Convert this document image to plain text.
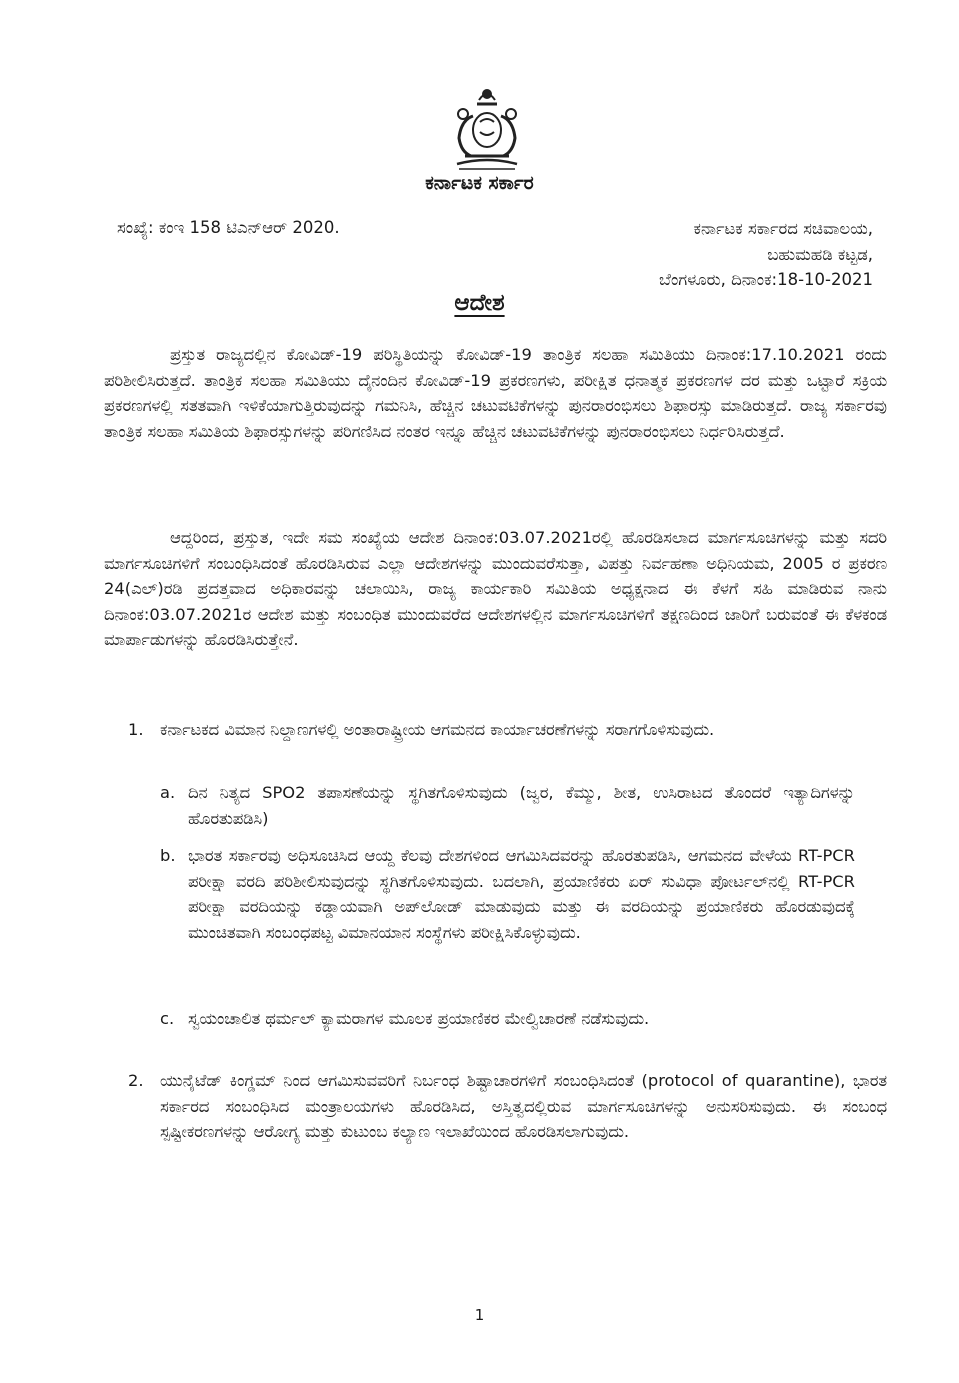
ಕರ್ನಾಟಕ ಸರ್ಕಾರ
ಸಂಖ್ಯೆ: ಕಂಇ 158 ಟಿಎನ್ಆರ್ 2020.	ಕರ್ನಾಟಕ ಸರ್ಕಾರದ ಸಚಿವಾಲಯ,
ಬಹುಮಹಡಿ ಕಟ್ಟಡ,
ಬೆಂಗಳೂರು, ದಿನಾಂಕ:18-10-2021
ಆದೇಶ

ಪ್ರಸ್ತುತ ರಾಜ್ಯದಲ್ಲಿನ ಕೋವಿಡ್-19 ಪರಿಸ್ಥಿತಿಯನ್ನು ಕೋವಿಡ್-19 ತಾಂತ್ರಿಕ ಸಲಹಾ ಸಮಿತಿಯು ದಿನಾಂಕ:17.10.2021 ರಂದು ಪರಿಶೀಲಿಸಿರುತ್ತದೆ. ತಾಂತ್ರಿಕ ಸಲಹಾ ಸಮಿತಿಯು ದೈನಂದಿನ ಕೋವಿಡ್-19 ಪ್ರಕರಣಗಳು, ಪರೀಕ್ಷಿತ ಧನಾತ್ಮಕ ಪ್ರಕರಣಗಳ ದರ ಮತ್ತು ಒಟ್ಟಾರೆ ಸಕ್ರಿಯ ಪ್ರಕರಣಗಳಲ್ಲಿ ಸತತವಾಗಿ ಇಳಿಕೆಯಾಗುತ್ತಿರುವುದನ್ನು ಗಮನಿಸಿ, ಹೆಚ್ಚಿನ ಚಟುವಟಿಕೆಗಳನ್ನು ಪುನರಾರಂಭಿಸಲು ಶಿಫಾರಸ್ಸು ಮಾಡಿರುತ್ತದೆ. ರಾಜ್ಯ ಸರ್ಕಾರವು ತಾಂತ್ರಿಕ ಸಲಹಾ ಸಮಿತಿಯ ಶಿಫಾರಸ್ಸುಗಳನ್ನು ಪರಿಗಣಿಸಿದ ನಂತರ ಇನ್ನೂ ಹೆಚ್ಚಿನ ಚಟುವಟಿಕೆಗಳನ್ನು ಪುನರಾರಂಭಿಸಲು ನಿರ್ಧರಿಸಿರುತ್ತದೆ.

ಆದ್ದರಿಂದ, ಪ್ರಸ್ತುತ, ಇದೇ ಸಮ ಸಂಖ್ಯೆಯ ಆದೇಶ ದಿನಾಂಕ:03.07.2021ರಲ್ಲಿ ಹೊರಡಿಸಲಾದ ಮಾರ್ಗಸೂಚಿಗಳನ್ನು ಮತ್ತು ಸದರಿ ಮಾರ್ಗಸೂಚಿಗಳಿಗೆ ಸಂಬಂಧಿಸಿದಂತೆ ಹೊರಡಿಸಿರುವ ಎಲ್ಲಾ ಆದೇಶಗಳನ್ನು ಮುಂದುವರೆಸುತ್ತಾ, ವಿಪತ್ತು ನಿರ್ವಹಣಾ ಅಧಿನಿಯಮ, 2005 ರ ಪ್ರಕರಣ 24(ಎಲ್)ರಡಿ ಪ್ರದತ್ತವಾದ ಅಧಿಕಾರವನ್ನು ಚಲಾಯಿಸಿ, ರಾಜ್ಯ ಕಾರ್ಯಕಾರಿ ಸಮಿತಿಯ ಅಧ್ಯಕ್ಷನಾದ ಈ ಕೆಳಗೆ ಸಹಿ ಮಾಡಿರುವ ನಾನು ದಿನಾಂಕ:03.07.2021ರ ಆದೇಶ ಮತ್ತು ಸಂಬಂಧಿತ ಮುಂದುವರೆದ ಆದೇಶಗಳಲ್ಲಿನ ಮಾರ್ಗಸೂಚಿಗಳಿಗೆ ತಕ್ಷಣದಿಂದ ಜಾರಿಗೆ ಬರುವಂತೆ ಈ ಕೆಳಕಂಡ ಮಾರ್ಪಾಡುಗಳನ್ನು ಹೊರಡಿಸಿರುತ್ತೇನೆ.

1. ಕರ್ನಾಟಕದ ವಿಮಾನ ನಿಲ್ದಾಣಗಳಲ್ಲಿ ಅಂತಾರಾಷ್ಟ್ರೀಯ ಆಗಮನದ ಕಾರ್ಯಾಚರಣೆಗಳನ್ನು ಸರಾಗಗೊಳಿಸುವುದು.

a. ದಿನ ನಿತ್ಯದ SPO2 ತಪಾಸಣೆಯನ್ನು ಸ್ಥಗಿತಗೊಳಿಸುವುದು (ಜ್ವರ, ಕೆಮ್ಮು, ಶೀತ, ಉಸಿರಾಟದ ತೊಂದರೆ ಇತ್ಯಾದಿಗಳನ್ನು ಹೊರತುಪಡಿಸಿ)

b. ಭಾರತ ಸರ್ಕಾರವು ಅಧಿಸೂಚಿಸಿದ ಆಯ್ದ ಕೆಲವು ದೇಶಗಳಿಂದ ಆಗಮಿಸಿದವರನ್ನು ಹೊರತುಪಡಿಸಿ, ಆಗಮನದ ವೇಳೆಯ RT-PCR ಪರೀಕ್ಷಾ ವರದಿ ಪರಿಶೀಲಿಸುವುದನ್ನು ಸ್ಥಗಿತಗೊಳಿಸುವುದು. ಬದಲಾಗಿ, ಪ್ರಯಾಣಿಕರು ಏರ್ ಸುವಿಧಾ ಪೋರ್ಟಲ್‌ನಲ್ಲಿ RT-PCR ಪರೀಕ್ಷಾ ವರದಿಯನ್ನು ಕಡ್ಡಾಯವಾಗಿ ಅಪ್‌ಲೋಡ್ ಮಾಡುವುದು ಮತ್ತು ಈ ವರದಿಯನ್ನು ಪ್ರಯಾಣಿಕರು ಹೊರಡುವುದಕ್ಕೆ ಮುಂಚಿತವಾಗಿ ಸಂಬಂಧಪಟ್ಟ ವಿಮಾನಯಾನ ಸಂಸ್ಥೆಗಳು ಪರೀಕ್ಷಿಸಿಕೊಳ್ಳುವುದು.

c. ಸ್ವಯಂಚಾಲಿತ ಥರ್ಮಲ್ ಕ್ಯಾಮರಾಗಳ ಮೂಲಕ ಪ್ರಯಾಣಿಕರ ಮೇಲ್ವಿಚಾರಣೆ ನಡೆಸುವುದು.

2. ಯುನೈಟೆಡ್ ಕಿಂಗ್ಡಮ್ ನಿಂದ ಆಗಮಿಸುವವರಿಗೆ ನಿರ್ಬಂಧ ಶಿಷ್ಟಾಚಾರಗಳಿಗೆ ಸಂಬಂಧಿಸಿದಂತೆ (protocol of quarantine), ಭಾರತ ಸರ್ಕಾರದ ಸಂಬಂಧಿಸಿದ ಮಂತ್ರಾಲಯಗಳು ಹೊರಡಿಸಿದ, ಅಸ್ತಿತ್ವದಲ್ಲಿರುವ ಮಾರ್ಗಸೂಚಿಗಳನ್ನು ಅನುಸರಿಸುವುದು. ಈ ಸಂಬಂಧ ಸ್ಪಷ್ಟೀಕರಣಗಳನ್ನು ಆರೋಗ್ಯ ಮತ್ತು ಕುಟುಂಬ ಕಲ್ಯಾಣ ಇಲಾಖೆಯಿಂದ ಹೊರಡಿಸಲಾಗುವುದು.

1
